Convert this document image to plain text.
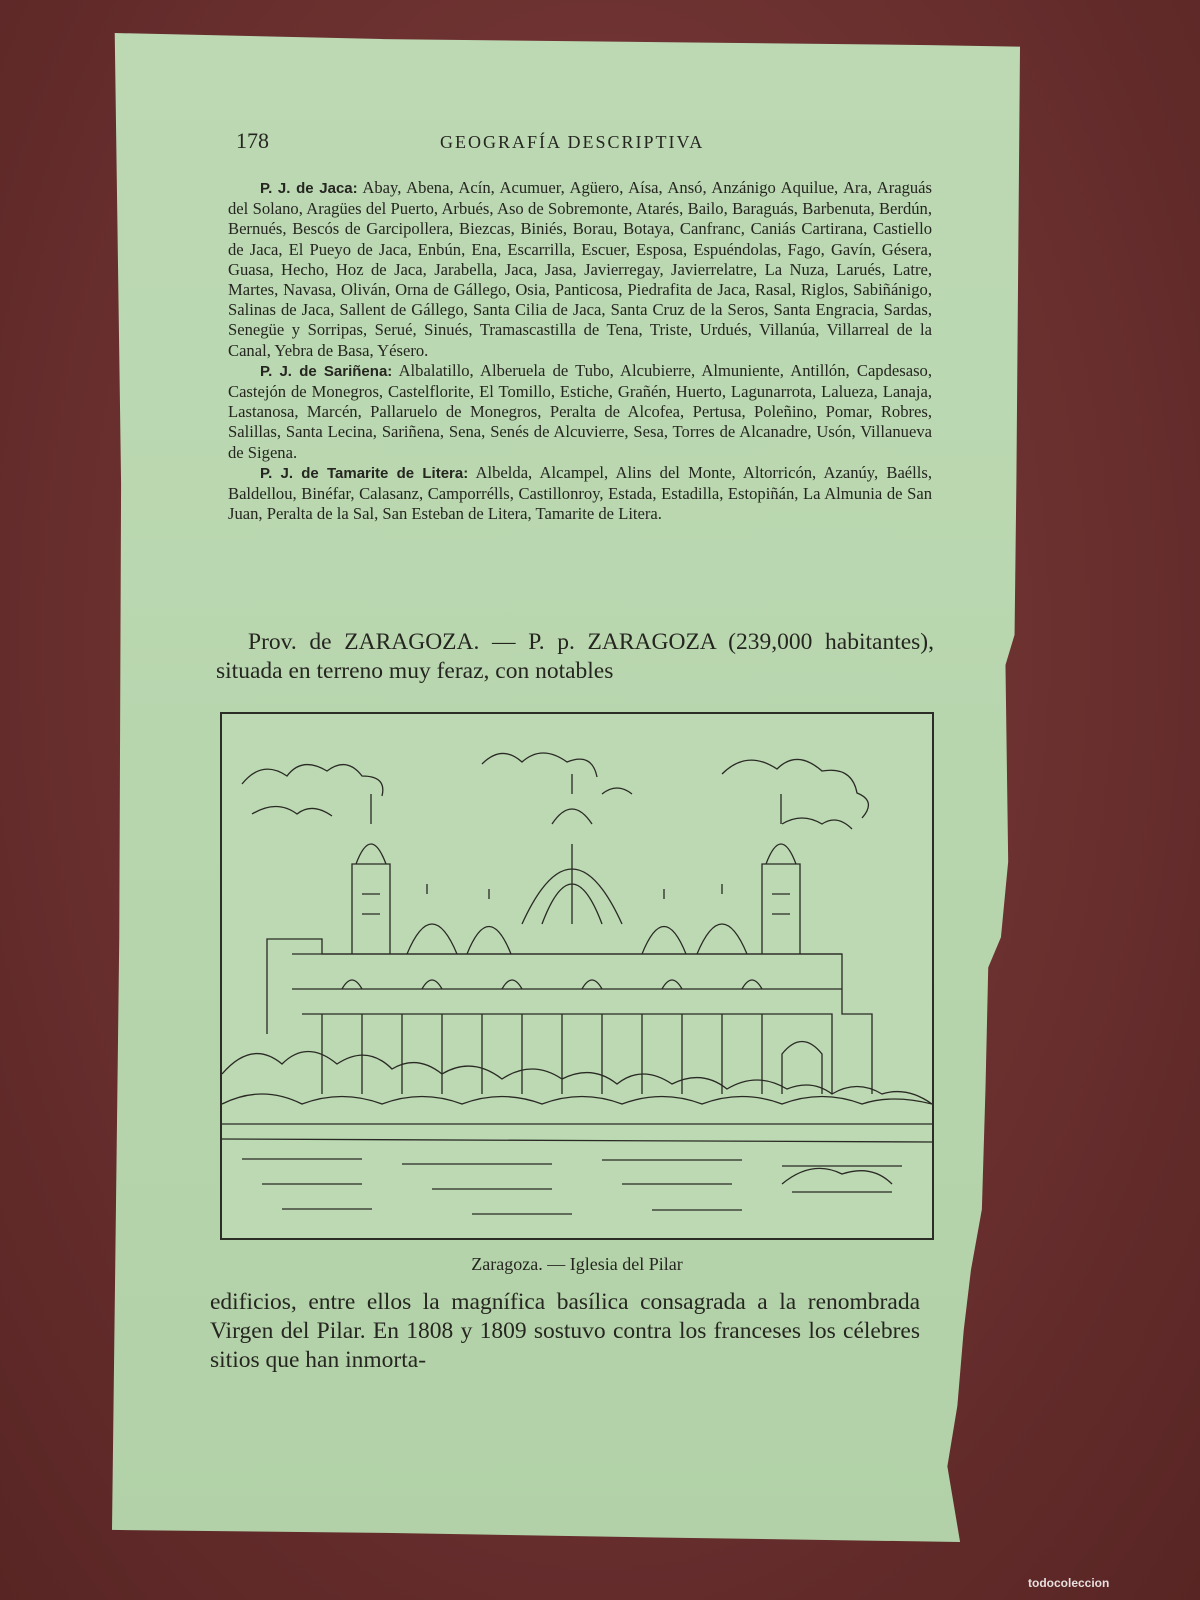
178	GEOGRAFÍA DESCRIPTIVA

P. J. de Jaca: Abay, Abena, Acín, Acumuer, Agüero, Aísa, Ansó, Anzánigo Aquilue, Ara, Araguás del Solano, Aragües del Puerto, Arbués, Aso de Sobremonte, Atarés, Bailo, Baraguás, Barbenuta, Berdún, Bernués, Bescós de Garcipollera, Biezcas, Biniés, Borau, Botaya, Canfranc, Caniás Cartirana, Castiello de Jaca, El Pueyo de Jaca, Enbún, Ena, Escarrilla, Escuer, Esposa, Espuéndolas, Fago, Gavín, Gésera, Guasa, Hecho, Hoz de Jaca, Jarabella, Jaca, Jasa, Javierregay, Javierrelatre, La Nuza, Larués, Latre, Martes, Navasa, Oliván, Orna de Gállego, Osia, Panticosa, Piedrafita de Jaca, Rasal, Riglos, Sabiñánigo, Salinas de Jaca, Sallent de Gállego, Santa Cilia de Jaca, Santa Cruz de la Seros, Santa Engracia, Sardas, Senegüe y Sorripas, Serué, Sinués, Tramascastilla de Tena, Triste, Urdués, Villanúa, Villarreal de la Canal, Yebra de Basa, Yésero.

P. J. de Sariñena: Albalatillo, Alberuela de Tubo, Alcubierre, Almuniente, Antillón, Capdesaso, Castejón de Monegros, Castelflorite, El Tomillo, Estiche, Grañén, Huerto, Lagunarrota, Lalueza, Lanaja, Lastanosa, Marcén, Pallaruelo de Monegros, Peralta de Alcofea, Pertusa, Poleñino, Pomar, Robres, Salillas, Santa Lecina, Sariñena, Sena, Senés de Alcuvierre, Sesa, Torres de Alcanadre, Usón, Villanueva de Sigena.

P. J. de Tamarite de Litera: Albelda, Alcampel, Alins del Monte, Altorricón, Azanúy, Baélls, Baldellou, Binéfar, Calasanz, Camporrélls, Castillonroy, Estada, Estadilla, Estopiñán, La Almunia de San Juan, Peralta de la Sal, San Esteban de Litera, Tamarite de Litera.

Prov. de ZARAGOZA. — P. p. ZARAGOZA (239,000 habitantes), situada en terreno muy feraz, con notables

Zaragoza. — Iglesia del Pilar

edificios, entre ellos la magnífica basílica consagrada a la renombrada Virgen del Pilar. En 1808 y 1809 sostuvo contra los franceses los célebres sitios que han inmorta-

todocoleccion
